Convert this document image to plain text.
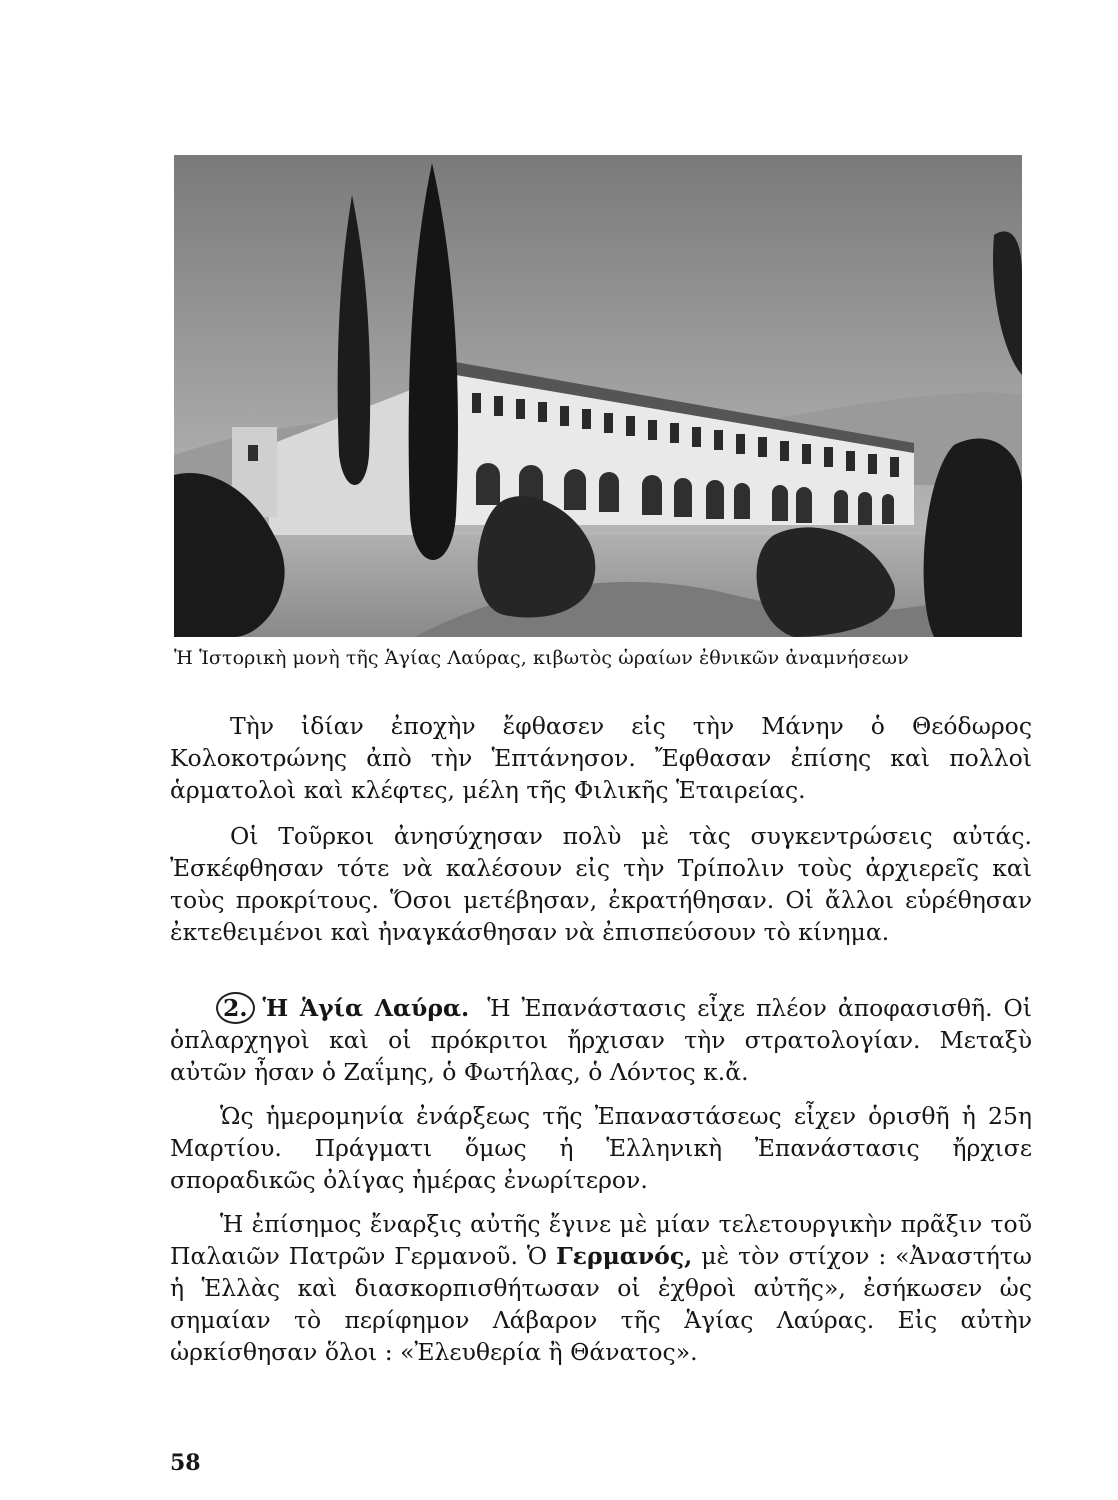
Ἡ Ἱστορικὴ μονὴ τῆς Ἁγίας Λαύρας, κιβωτὸς ὡραίων ἐθνικῶν ἀναμνήσεων

Τὴν ἰδίαν ἐποχὴν ἔφθασεν εἰς τὴν Μάνην ὁ Θεόδωρος Κολοκοτρώνης ἀπὸ τὴν Ἑπτάνησον. Ἔφθασαν ἐπίσης καὶ πολλοὶ ἁρματολοὶ καὶ κλέφτες, μέλη τῆς Φιλικῆς Ἑταιρείας.

Οἱ Τοῦρκοι ἀνησύχησαν πολὺ μὲ τὰς συγκεντρώσεις αὐτάς. Ἐσκέφθησαν τότε νὰ καλέσουν εἰς τὴν Τρίπολιν τοὺς ἀρχιερεῖς καὶ τοὺς προκρίτους. Ὅσοι μετέβησαν, ἐκρατήθησαν. Οἱ ἄλλοι εὑρέθησαν ἐκτεθειμένοι καὶ ἠναγκάσθησαν νὰ ἐπισπεύσουν τὸ κίνημα.

2. Ἡ Ἁγία Λαύρα. Ἡ Ἐπανάστασις εἶχε πλέον ἀποφασισθῆ. Οἱ ὁπλαρχηγοὶ καὶ οἱ πρόκριτοι ἤρχισαν τὴν στρατολογίαν. Μεταξὺ αὐτῶν ἦσαν ὁ Ζαΐμης, ὁ Φωτήλας, ὁ Λόντος κ.ἄ.

Ὡς ἡμερομηνία ἐνάρξεως τῆς Ἐπαναστάσεως εἶχεν ὁρισθῆ ἡ 25η Μαρτίου. Πράγματι ὅμως ἡ Ἑλληνικὴ Ἐπανάστασις ἤρχισε σποραδικῶς ὀλίγας ἡμέρας ἐνωρίτερον.

Ἡ ἐπίσημος ἔναρξις αὐτῆς ἔγινε μὲ μίαν τελετουργικὴν πρᾶξιν τοῦ Παλαιῶν Πατρῶν Γερμανοῦ. Ὁ Γερμανός, μὲ τὸν στίχον : «Ἀναστήτω ἡ Ἑλλὰς καὶ διασκορπισθήτωσαν οἱ ἐχθροὶ αὐτῆς», ἐσήκωσεν ὡς σημαίαν τὸ περίφημον Λάβαρον τῆς Ἁγίας Λαύρας. Εἰς αὐτὴν ὡρκίσθησαν ὅλοι : «Ἐλευθερία ἢ Θάνατος».

58
